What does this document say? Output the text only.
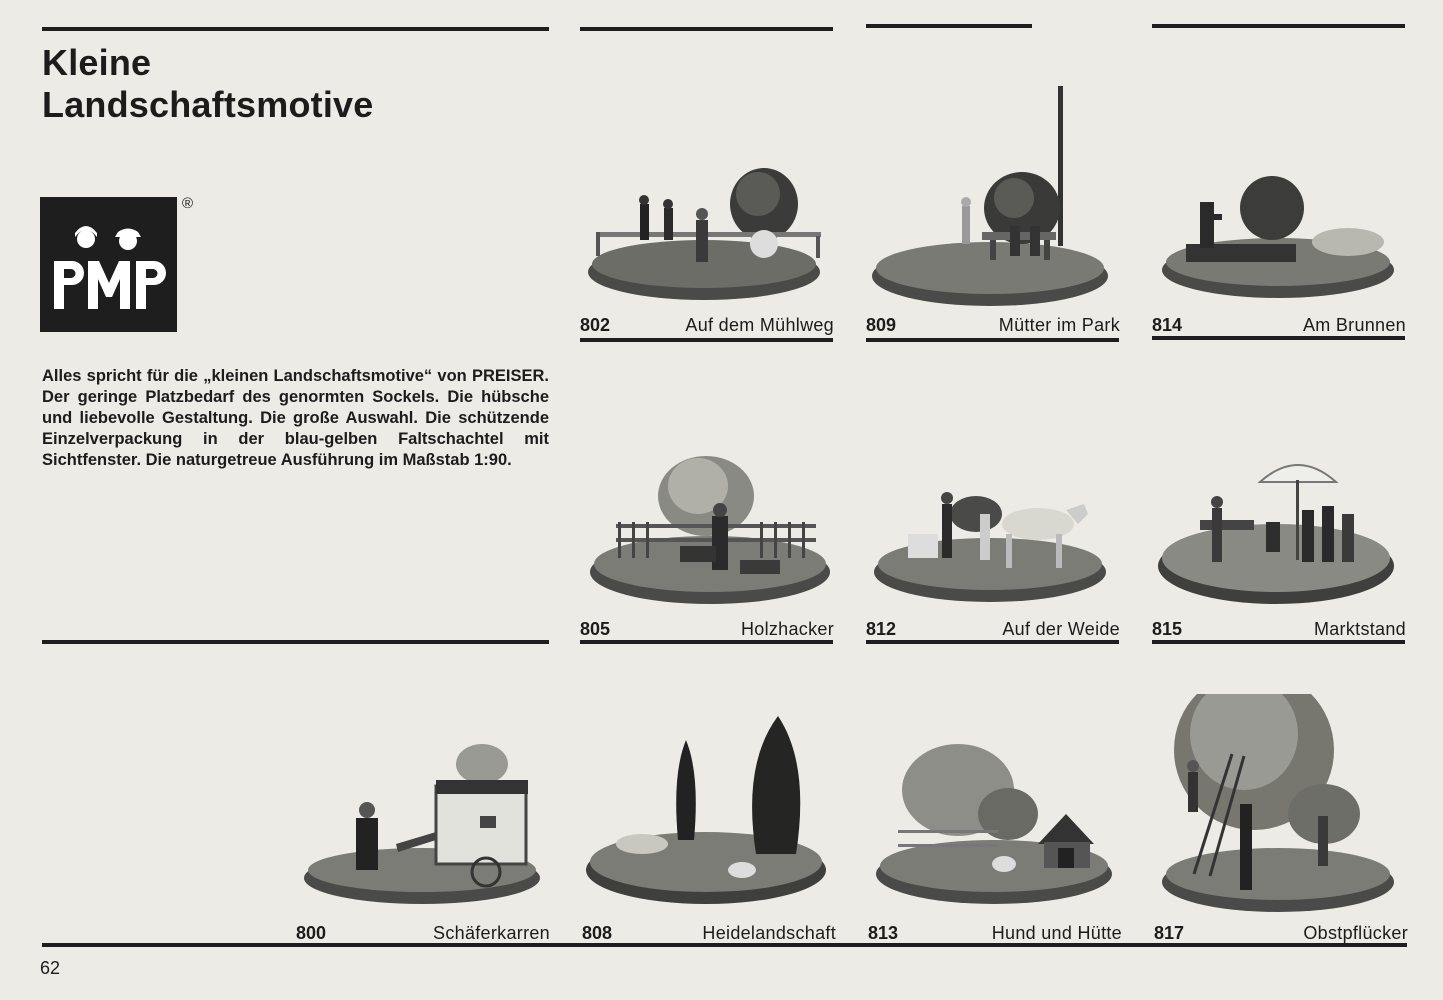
Kleine
Landschaftsmotive
®

Alles spricht für die „kleinen Landschaftsmotive“ von PREISER. Der geringe Platzbedarf des genormten Sockels. Die hübsche und liebevolle Gestaltung. Die große Auswahl. Die schützende Einzelverpackung in der blau-gelben Faltschachtel mit Sichtfenster. Die naturgetreue Ausführung im Maßstab 1:90.

802	Auf dem Mühlweg 809	Mütter im Park 814	Am Brunnen
805	Holzhacker 812	Auf der Weide 815	Marktstand
800	Schäferkarren 808	Heidelandschaft 813	Hund und Hütte 817	Obstpflücker
62
